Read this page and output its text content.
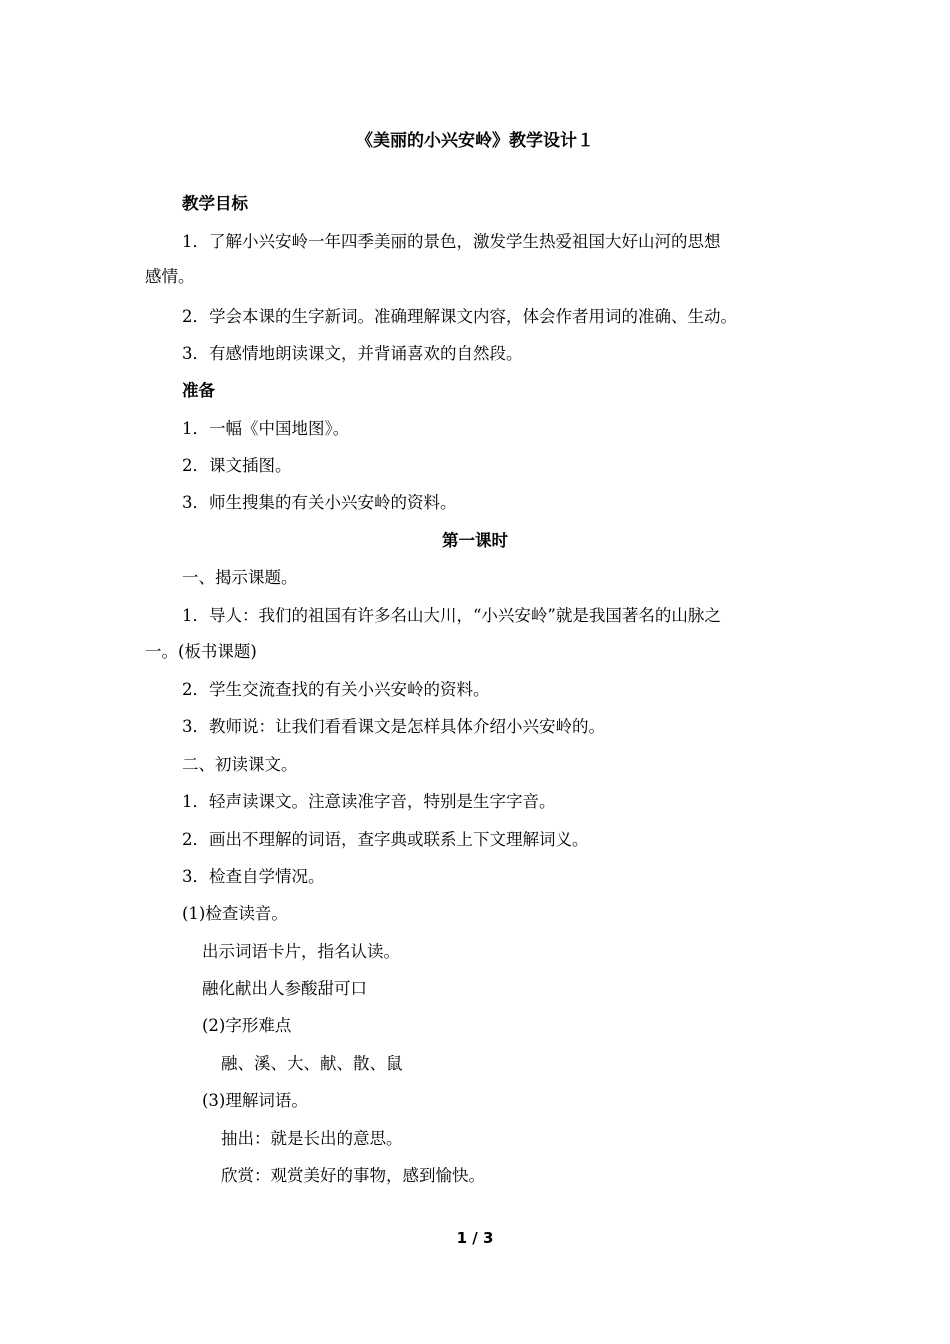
《美丽的小兴安岭》教学设计１
教学目标
1．了解小兴安岭一年四季美丽的景色，激发学生热爱祖国大好山河的思想
感情。
2．学会本课的生字新词。准确理解课文内容，体会作者用词的准确、生动。
3．有感情地朗读课文，并背诵喜欢的自然段。
准备
1．一幅《中国地图》。
2．课文插图。
3．师生搜集的有关小兴安岭的资料。
第一课时
一、揭示课题。
1．导人：我们的祖国有许多名山大川，“小兴安岭”就是我国著名的山脉之
一。(板书课题)
2．学生交流查找的有关小兴安岭的资料。
3．教师说：让我们看看课文是怎样具体介绍小兴安岭的。
二、初读课文。
1．轻声读课文。注意读准字音，特别是生字字音。
2．画出不理解的词语，查字典或联系上下文理解词义。
3．检查自学情况。
(1)检查读音。
出示词语卡片，指名认读。
融化献出人参酸甜可口
(2)字形难点
融、溪、大、献、散、鼠
(3)理解词语。
抽出：就是长出的意思。
欣赏：观赏美好的事物，感到愉快。
1 / 3
